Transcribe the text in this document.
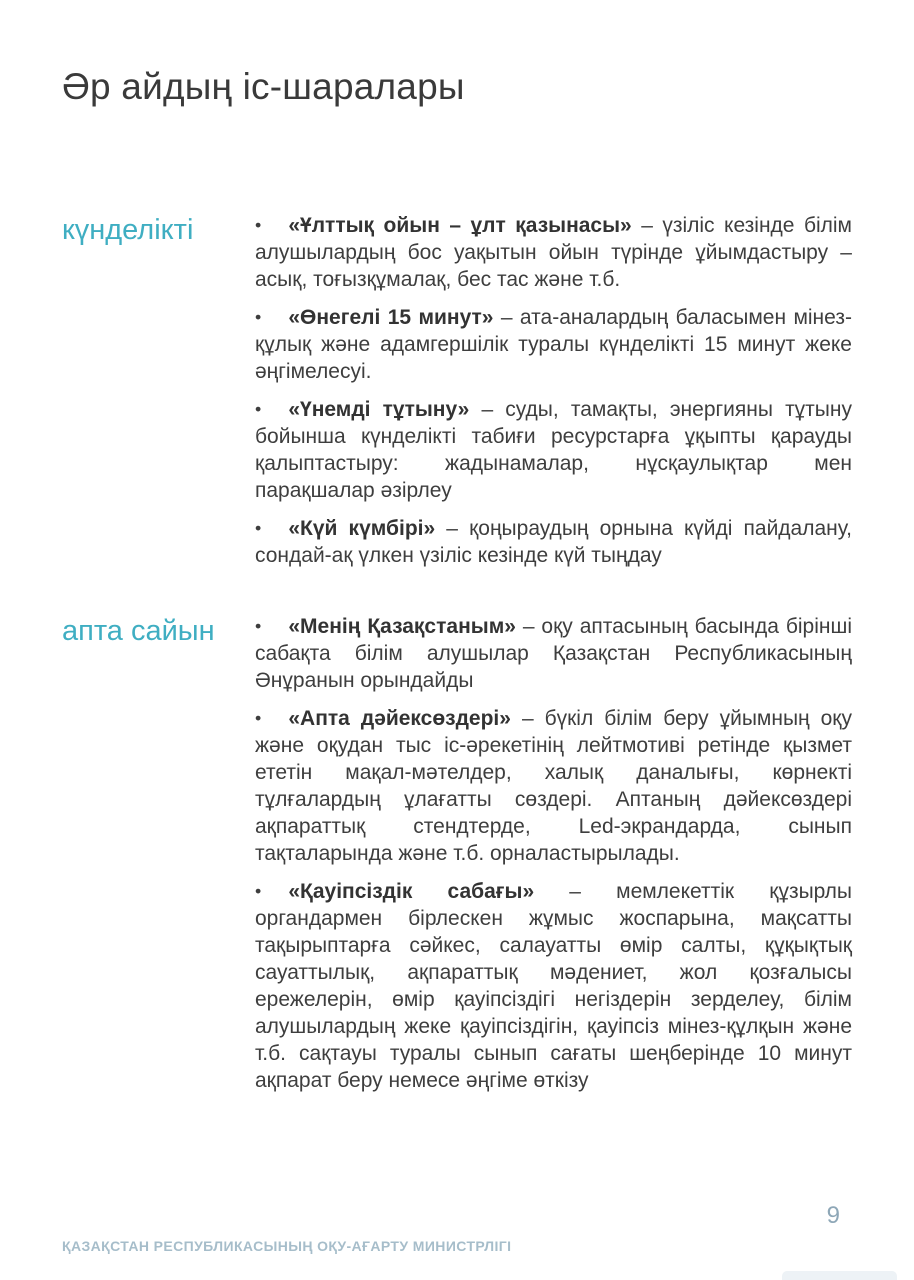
Әр айдың іс-шаралары
күнделікті	• «Ұлттық ойын – ұлт қазынасы» – үзіліс кезінде білім алушылардың бос уақытын ойын түрінде ұйымдастыру – асық, тоғызқұмалақ, бес тас және т.б.

• «Өнегелі 15 минут» – ата-аналардың баласымен мінез-құлық және адамгершілік туралы күнделікті 15 минут жеке әңгімелесуі.

• «Үнемді тұтыну» – суды, тамақты, энергияны тұтыну бойынша күнделікті табиғи ресурстарға ұқыпты қарауды қалыптастыру: жадынамалар, нұсқаулықтар мен парақшалар әзірлеу

• «Күй күмбірі» – қоңыраудың орнына күйді пайдалану, сондай-ақ үлкен үзіліс кезінде күй тыңдау

апта сайын	• «Менің Қазақстаным» – оқу аптасының басында бірінші сабақта білім алушылар Қазақстан Республикасының Әнұранын орындайды

• «Апта дәйексөздері» – бүкіл білім беру ұйымның оқу және оқудан тыс іс-әрекетінің лейтмотиві ретінде қызмет ететін мақал-мәтелдер, халық даналығы, көрнекті тұлғалардың ұлағатты сөздері. Аптаның дәйексөздері ақпараттық стендтерде, Led-экрандарда, сынып тақталарында және т.б. орналастырылады.

• «Қауіпсіздік сабағы» – мемлекеттік құзырлы органдармен бірлескен жұмыс жоспарына, мақсатты тақырыптарға сәйкес, салауатты өмір салты, құқықтық сауаттылық, ақпараттық мәдениет, жол қозғалысы ережелерін, өмір қауіпсіздігі негіздерін зерделеу, білім алушылардың жеке қауіпсіздігін, қауіпсіз мінез-құлқын және т.б. сақтауы туралы сынып сағаты шеңберінде 10 минут ақпарат беру немесе әңгіме өткізу

ҚАЗАҚСТАН РЕСПУБЛИКАСЫНЫҢ ОҚУ-АҒАРТУ МИНИСТРЛІГІ
9
